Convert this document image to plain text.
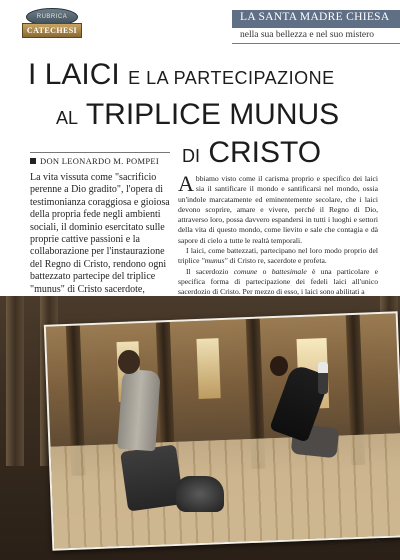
RUBRICA
CATECHESI
LA SANTA MADRE CHIESA
nella sua bellezza e nel suo mistero
I LAICI E LA PARTECIPAZIONE
AL TRIPLICE MUNUS
DI CRISTO
DON LEONARDO M. POMPEI
La vita vissuta come "sacrificio perenne a Dio gradito", l'opera di testimonianza coraggiosa e gioiosa della propria fede negli ambienti sociali, il dominio esercitato sulle proprie cattive passioni e la collaborazione per l'instaurazione del Regno di Cristo, rendono ogni battezzato partecipe del triplice "munus" di Cristo sacerdote,

Abbiamo visto come il carisma proprio e specifico dei laici sia il santificare il mondo e santificarsi nel mondo, ossia un'indole marcatamente ed eminentemente secolare, che i laici devono scoprire, amare e vivere, perché il Regno di Dio, attraverso loro, possa davvero espandersi in tutti i luoghi e settori della vita di questo mondo, come lievito e sale che contagia e dà sapore di cielo a tutte le realtà temporali.

I laici, come battezzati, partecipano nel loro modo proprio del triplice "munus" di Cristo re, sacerdote e profeta.

Il sacerdozio comune o battesimale è una particolare e specifica forma di partecipazione dei fedeli laici all'unico sacerdozio di Cristo. Per mezzo di esso, i laici sono abilitati a

17
